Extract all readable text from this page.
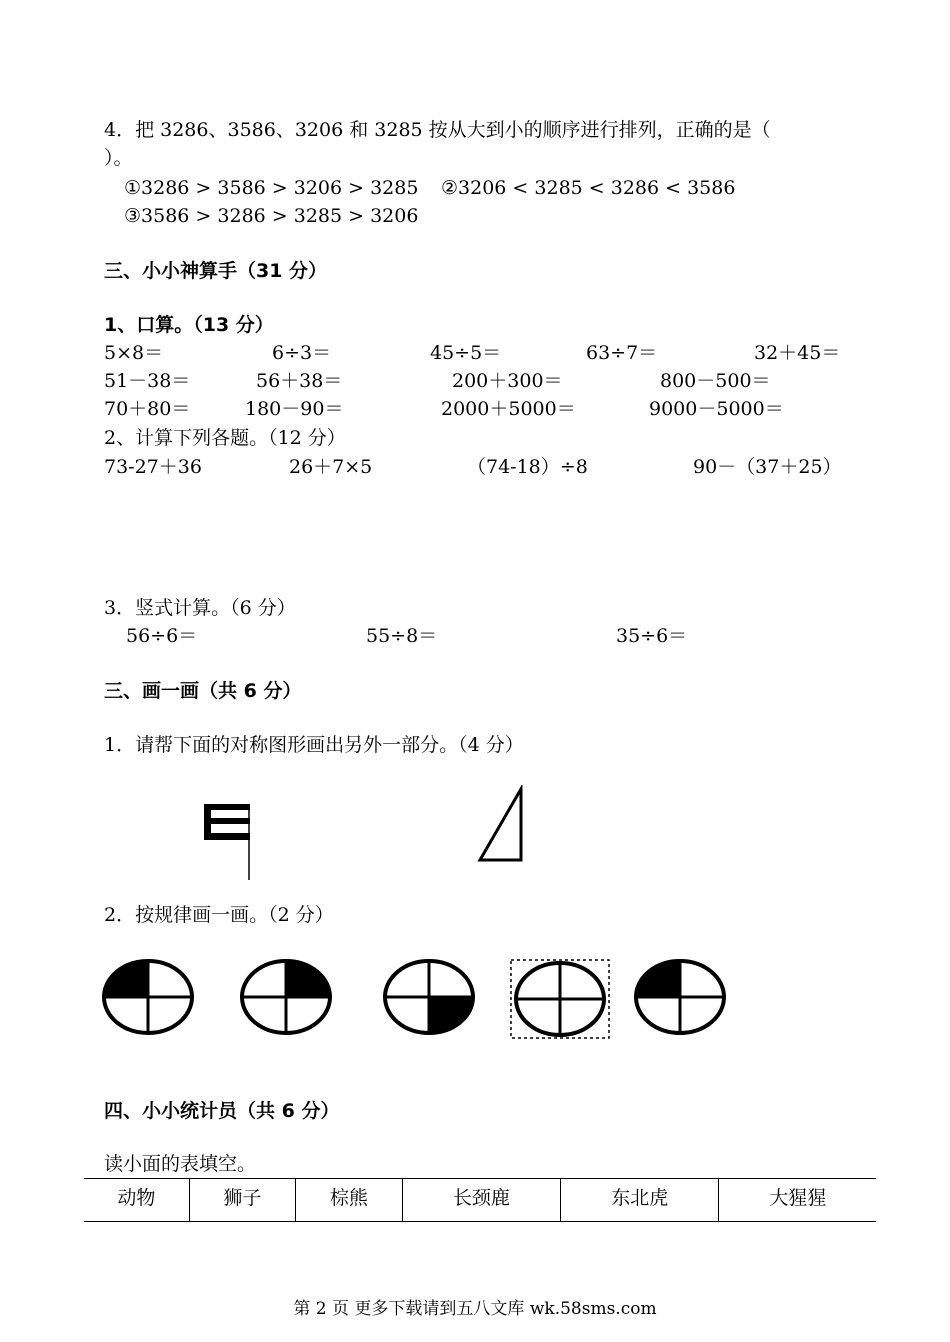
4．把 3286、3586、3206 和 3285 按从大到小的顺序进行排列，正确的是（
）。
①3286 > 3586 > 3206 > 3285 ②3206 < 3285 < 3286 < 3586
③3586 > 3286 > 3285 > 3206
三、小小神算手（31 分）
1、口算。（13 分）
5×8＝	6÷3＝	45÷5＝	63÷7＝	32＋45＝
51－38＝	56＋38＝	200＋300＝	800－500＝
70＋80＝	180－90＝	2000＋5000＝	9000－5000＝
2、计算下列各题。（12 分）
73-27＋36	26＋7×5	（74-18）÷8	90－（37＋25）
3．竖式计算。（6 分）
56÷6＝	55÷8＝	35÷6＝
三、画一画（共 6 分）
1．请帮下面的对称图形画出另外一部分。（4 分）
2．按规律画一画。（2 分）
四、小小统计员（共 6 分）
读小面的表填空。
动物	狮子	棕熊	长颈鹿	东北虎	大猩猩
第 2 页 更多下载请到五八文库 wk.58sms.com
